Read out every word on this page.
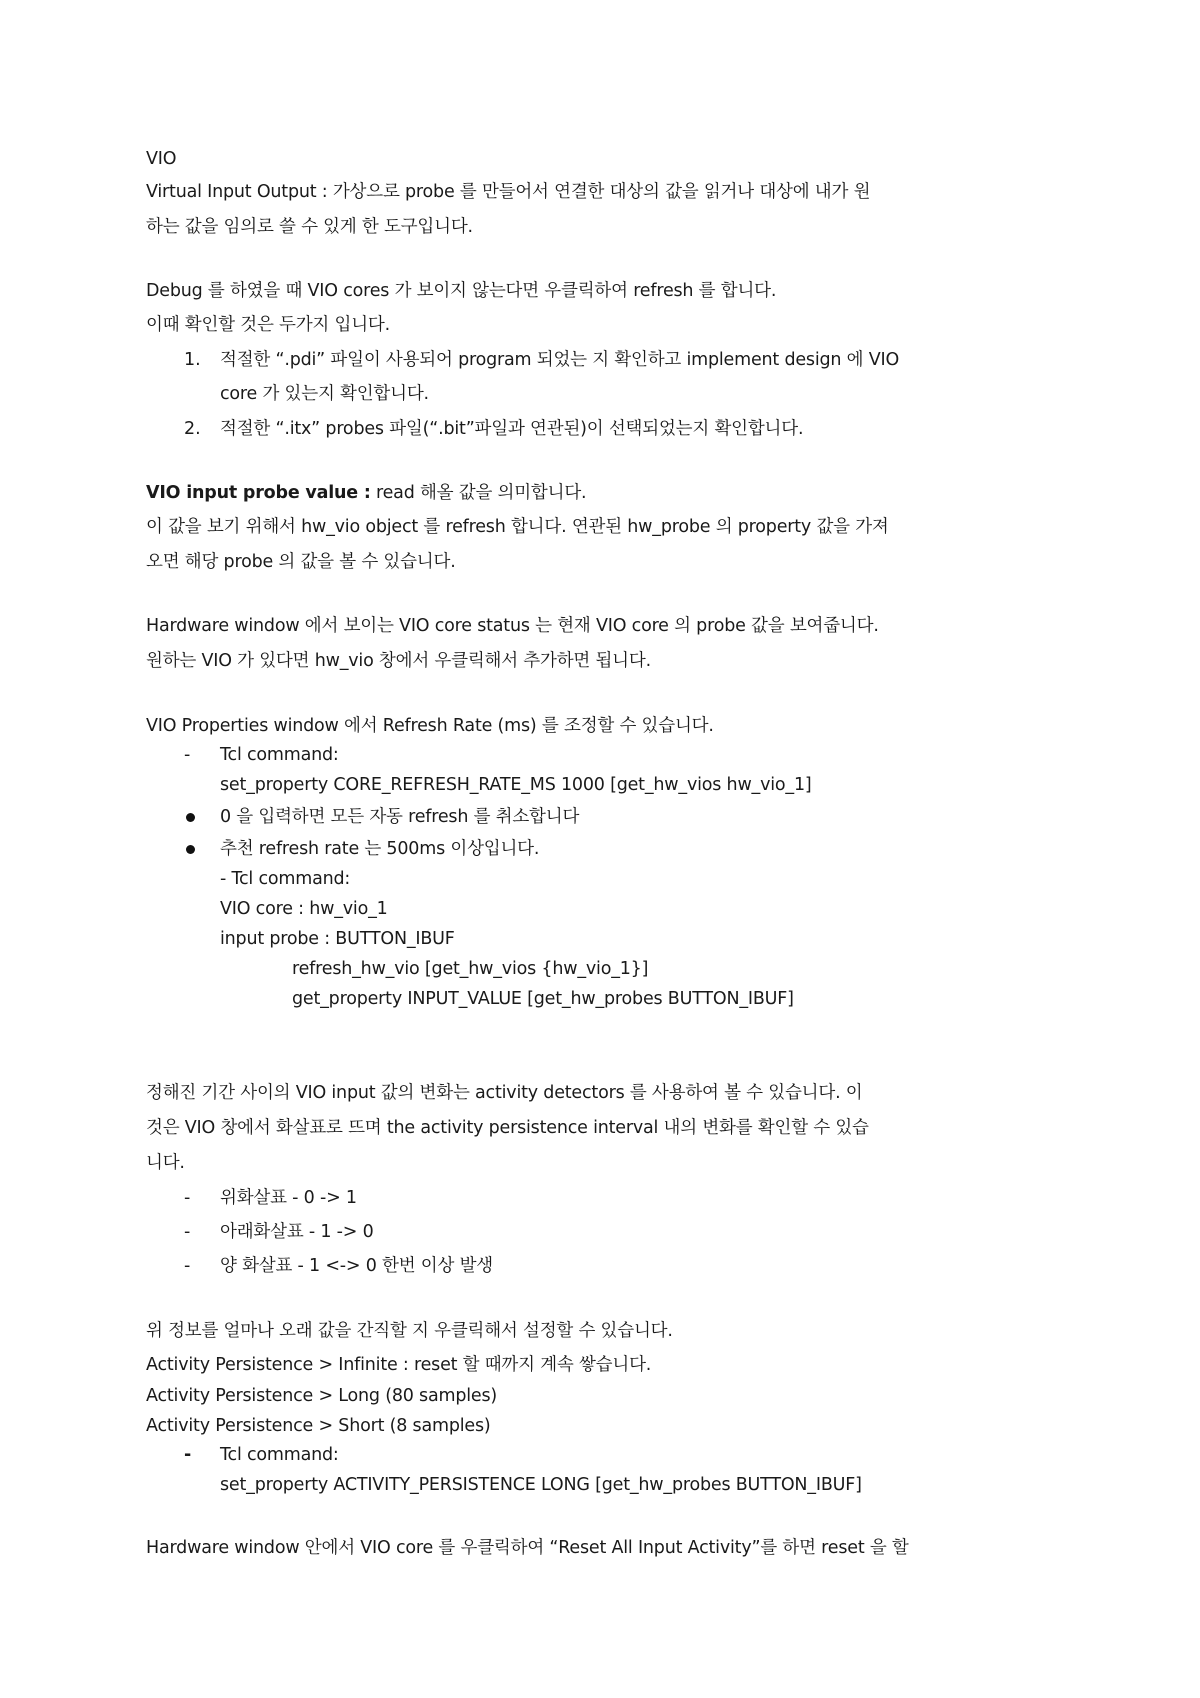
VIO
Virtual Input Output : 가상으로 probe 를 만들어서 연결한 대상의 값을 읽거나 대상에 내가 원
하는 값을 임의로 쓸 수 있게 한 도구입니다.
Debug 를 하였을 때 VIO cores 가 보이지 않는다면 우클릭하여 refresh 를 합니다.
이때 확인할 것은 두가지 입니다.
1. 적절한 “.pdi” 파일이 사용되어 program 되었는 지 확인하고 implement design 에 VIO
core 가 있는지 확인합니다.
2. 적절한 “.itx” probes 파일(“.bit”파일과 연관된)이 선택되었는지 확인합니다.
VIO input probe value : read 해올 값을 의미합니다.
이 값을 보기 위해서 hw_vio object 를 refresh 합니다. 연관된 hw_probe 의 property 값을 가져
오면 해당 probe 의 값을 볼 수 있습니다.
Hardware window 에서 보이는 VIO core status 는 현재 VIO core 의 probe 값을 보여줍니다.
원하는 VIO 가 있다면 hw_vio 창에서 우클릭해서 추가하면 됩니다.
VIO Properties window 에서 Refresh Rate (ms) 를 조정할 수 있습니다.
- Tcl command:
set_property CORE_REFRESH_RATE_MS 1000 [get_hw_vios hw_vio_1]
0 을 입력하면 모든 자동 refresh 를 취소합니다
추천 refresh rate 는 500ms 이상입니다.
- Tcl command:
VIO core : hw_vio_1
input probe : BUTTON_IBUF
refresh_hw_vio [get_hw_vios {hw_vio_1}]
get_property INPUT_VALUE [get_hw_probes BUTTON_IBUF]
정해진 기간 사이의 VIO input 값의 변화는 activity detectors 를 사용하여 볼 수 있습니다. 이
것은 VIO 창에서 화살표로 뜨며 the activity persistence interval 내의 변화를 확인할 수 있습
니다.
- 위화살표 - 0 -> 1
- 아래화살표 - 1 -> 0
- 양 화살표 - 1 <-> 0 한번 이상 발생
위 정보를 얼마나 오래 값을 간직할 지 우클릭해서 설정할 수 있습니다.
Activity Persistence > Infinite : reset 할 때까지 계속 쌓습니다.
Activity Persistence > Long (80 samples)
Activity Persistence > Short (8 samples)
- Tcl command:
set_property ACTIVITY_PERSISTENCE LONG [get_hw_probes BUTTON_IBUF]
Hardware window 안에서 VIO core 를 우클릭하여 “Reset All Input Activity”를 하면 reset 을 할
